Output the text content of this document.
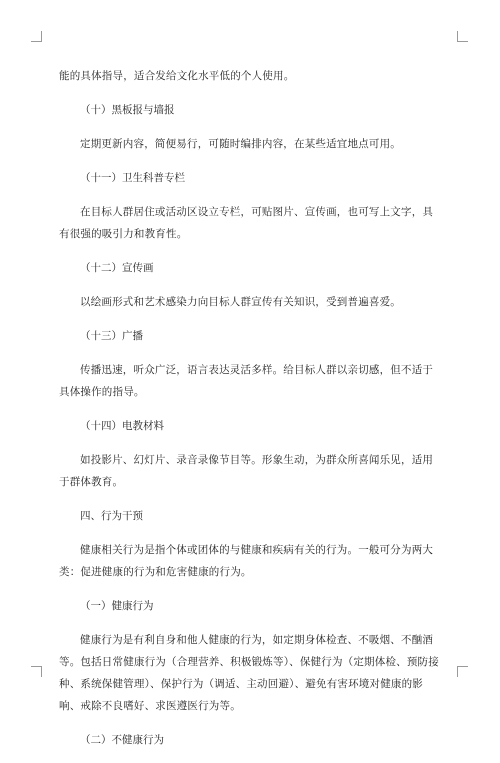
能的具体指导，适合发给文化水平低的个人使用。

（十）黑板报与墙报

定期更新内容，简便易行，可随时编排内容，在某些适宜地点可用。

（十一）卫生科普专栏

在目标人群居住或活动区设立专栏，可贴图片、宣传画，也可写上文字，具有很强的吸引力和教育性。

（十二）宣传画

以绘画形式和艺术感染力向目标人群宣传有关知识，受到普遍喜爱。

（十三）广播

传播迅速，听众广泛，语言表达灵活多样。给目标人群以亲切感，但不适于具体操作的指导。

（十四）电教材料

如投影片、幻灯片、录音录像节目等。形象生动，为群众所喜闻乐见，适用于群体教育。

四、行为干预

健康相关行为是指个体或团体的与健康和疾病有关的行为。一般可分为两大类：促进健康的行为和危害健康的行为。

（一）健康行为

健康行为是有利自身和他人健康的行为，如定期身体检查、不吸烟、不酗酒等。包括日常健康行为（合理营养、积极锻炼等）、保健行为（定期体检、预防接种、系统保健管理）、保护行为（调适、主动回避）、避免有害环境对健康的影响、戒除不良嗜好、求医遵医行为等。

（二）不健康行为
